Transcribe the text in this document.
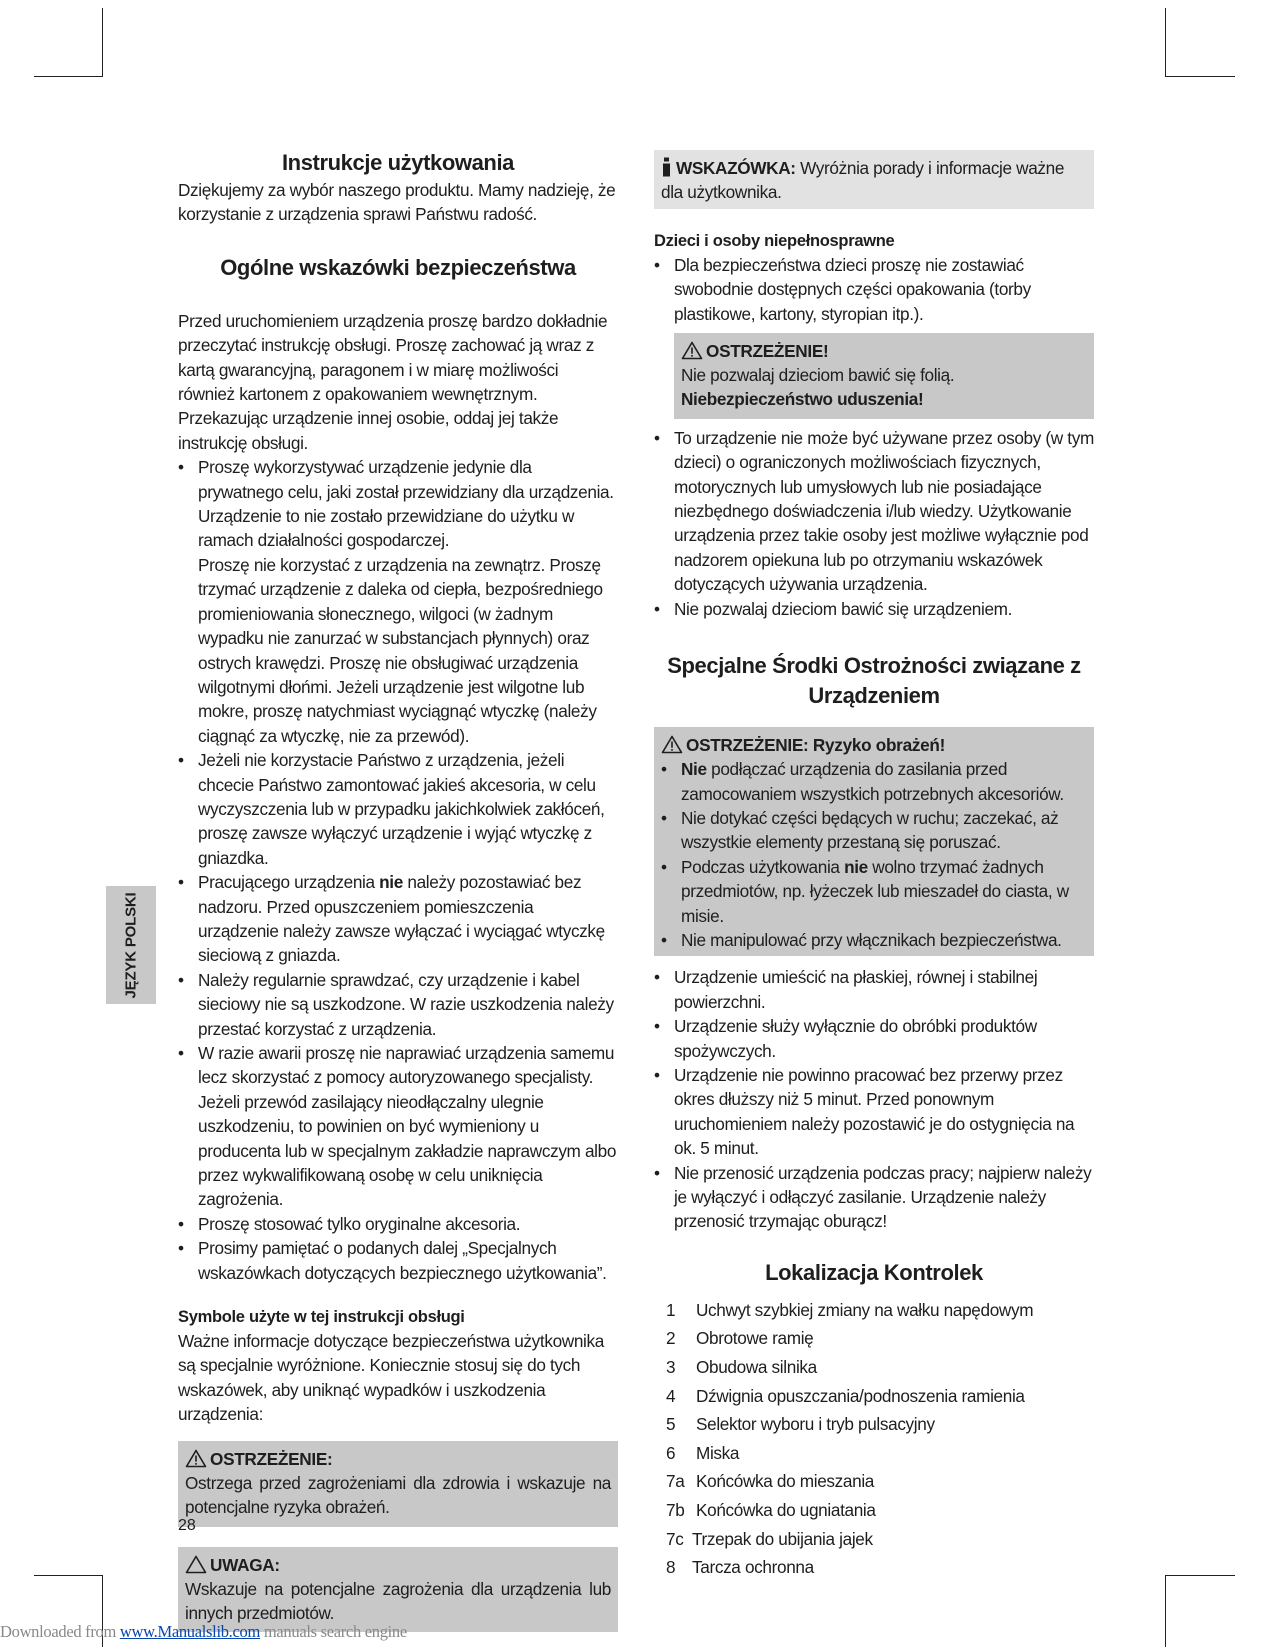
JĘZYK POLSKI
Instrukcje użytkowania

Dziękujemy za wybór naszego produktu. Mamy nadzieję, że korzystanie z urządzenia sprawi Państwu radość.

Ogólne wskazówki bezpieczeństwa

Przed uruchomieniem urządzenia proszę bardzo dokładnie przeczytać instrukcję obsługi. Proszę zachować ją wraz z kartą gwarancyjną, paragonem i w miarę możliwości również kartonem z opakowaniem wewnętrznym. Przekazując urządzenie innej osobie, oddaj jej także instrukcję obsługi.

• Proszę wykorzystywać urządzenie jedynie dla prywatnego celu, jaki został przewidziany dla urządzenia. Urządzenie to nie zostało przewidziane do użytku w ramach działalności gospodarczej.
Proszę nie korzystać z urządzenia na zewnątrz. Proszę trzymać urządzenie z daleka od ciepła, bezpośredniego promieniowania słonecznego, wilgoci (w żadnym wypadku nie zanurzać w substancjach płynnych) oraz ostrych krawędzi. Proszę nie obsługiwać urządzenia wilgotnymi dłońmi. Jeżeli urządzenie jest wilgotne lub mokre, proszę natychmiast wyciągnąć wtyczkę (należy ciągnąć za wtyczkę, nie za przewód).
• Jeżeli nie korzystacie Państwo z urządzenia, jeżeli chcecie Państwo zamontować jakieś akcesoria, w celu wyczyszczenia lub w przypadku jakichkolwiek zakłóceń, proszę zawsze wyłączyć urządzenie i wyjąć wtyczkę z gniazdka.
• Pracującego urządzenia nie należy pozostawiać bez nadzoru. Przed opuszczeniem pomieszczenia urządzenie należy zawsze wyłączać i wyciągać wtyczkę sieciową z gniazda.
• Należy regularnie sprawdzać, czy urządzenie i kabel sieciowy nie są uszkodzone. W razie uszkodzenia należy przestać korzystać z urządzenia.
• W razie awarii proszę nie naprawiać urządzenia samemu lecz skorzystać z pomocy autoryzowanego specjalisty. Jeżeli przewód zasilający nieodłączalny ulegnie uszkodzeniu, to powinien on być wymieniony u producenta lub w specjalnym zakładzie naprawczym albo przez wykwalifikowaną osobę w celu uniknięcia zagrożenia.
• Proszę stosować tylko oryginalne akcesoria.
• Prosimy pamiętać o podanych dalej „Specjalnych wskazówkach dotyczących bezpiecznego użytkowania”.
Symbole użyte w tej instrukcji obsługi

Ważne informacje dotyczące bezpieczeństwa użytkownika są specjalnie wyróżnione. Koniecznie stosuj się do tych wskazówek, aby uniknąć wypadków i uszkodzenia urządzenia:

OSTRZEŻENIE:
Ostrzega przed zagrożeniami dla zdrowia i wskazuje na potencjalne ryzyka obrażeń.
UWAGA:
Wskazuje na potencjalne zagrożenia dla urządzenia lub innych przedmiotów.
WSKAZÓWKA: Wyróżnia porady i informacje ważne dla użytkownika.
Dzieci i osoby niepełnosprawne
• Dla bezpieczeństwa dzieci proszę nie zostawiać swobodnie dostępnych części opakowania (torby plastikowe, kartony, styropian itp.).
OSTRZEŻENIE!
Nie pozwalaj dzieciom bawić się folią. Niebezpieczeństwo uduszenia!
• To urządzenie nie może być używane przez osoby (w tym dzieci) o ograniczonych możliwościach fizycznych, motorycznych lub umysłowych lub nie posiadające niezbędnego doświadczenia i/lub wiedzy. Użytkowanie urządzenia przez takie osoby jest możliwe wyłącznie pod nadzorem opiekuna lub po otrzymaniu wskazówek dotyczących używania urządzenia.
• Nie pozwalaj dzieciom bawić się urządzeniem.
Specjalne Środki Ostrożności związane z
Urządzeniem
OSTRZEŻENIE: Ryzyko obrażeń!
• Nie podłączać urządzenia do zasilania przed zamocowaniem wszystkich potrzebnych akcesoriów.
• Nie dotykać części będących w ruchu; zaczekać, aż wszystkie elementy przestaną się poruszać.
• Podczas użytkowania nie wolno trzymać żadnych przedmiotów, np. łyżeczek lub mieszadeł do ciasta, w misie.
• Nie manipulować przy włącznikach bezpieczeństwa.
• Urządzenie umieścić na płaskiej, równej i stabilnej powierzchni.
• Urządzenie służy wyłącznie do obróbki produktów spożywczych.
• Urządzenie nie powinno pracować bez przerwy przez okres dłuższy niż 5 minut. Przed ponownym uruchomieniem należy pozostawić je do ostygnięcia na ok. 5 minut.
• Nie przenosić urządzenia podczas pracy; najpierw należy je wyłączyć i odłączyć zasilanie. Urządzenie należy przenosić trzymając oburącz!
Lokalizacja Kontrolek
1	Uchwyt szybkiej zmiany na wałku napędowym
2	Obrotowe ramię
3	Obudowa silnika
4	Dźwignia opuszczania/podnoszenia ramienia
5	Selektor wyboru i tryb pulsacyjny
6	Miska
7a Końcówka do mieszania
7b Końcówka do ugniatania
7c Trzepak do ubijania jajek
8 Tarcza ochronna
28
Downloaded from www.Manualslib.com manuals search engine
